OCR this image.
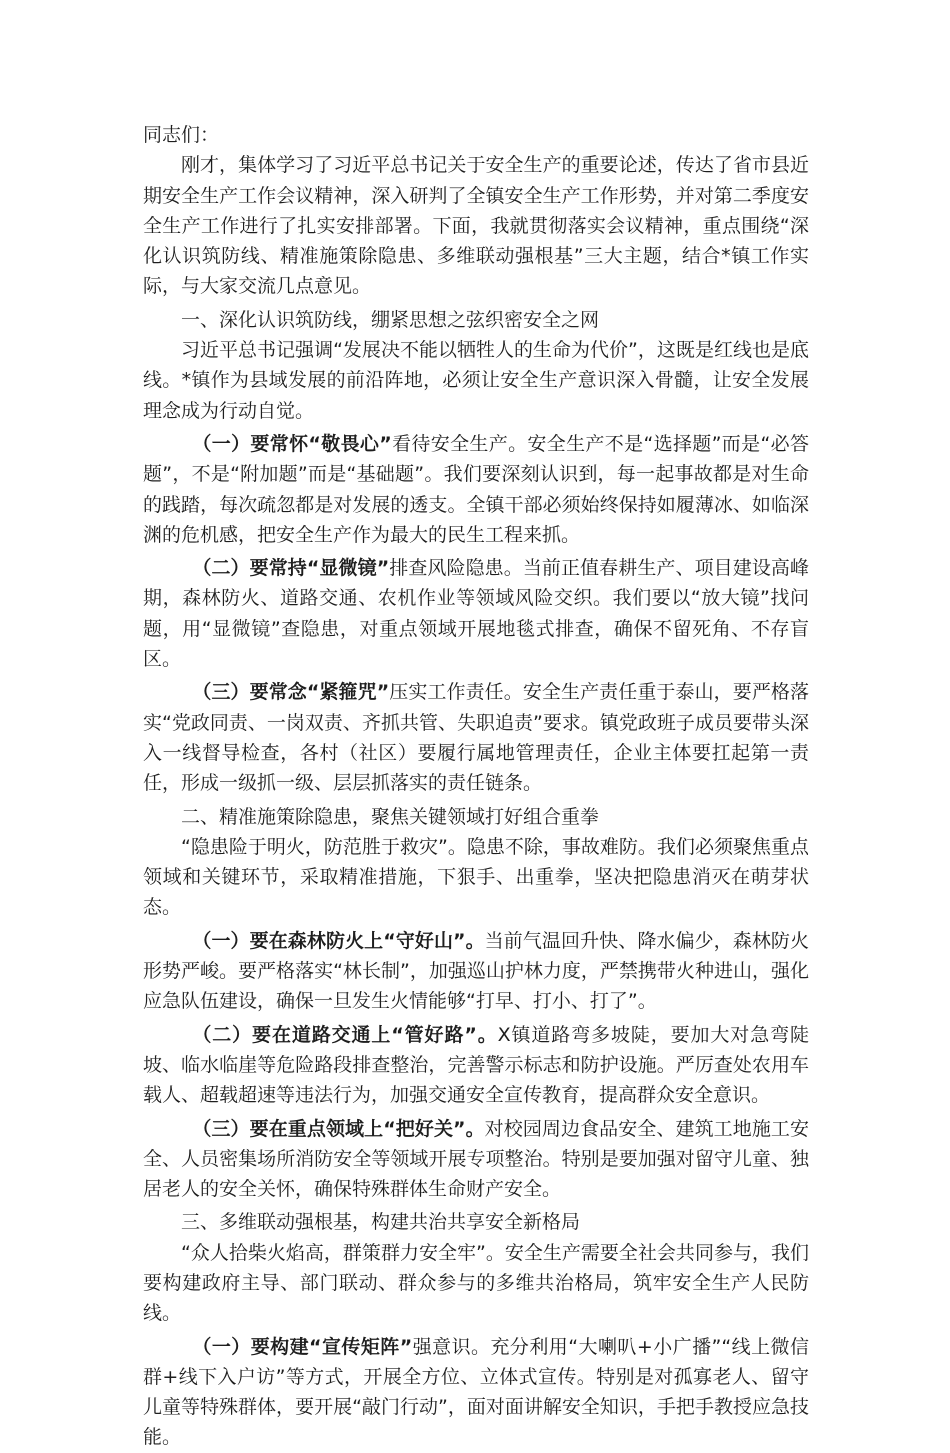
同志们：

刚才，集体学习了习近平总书记关于安全生产的重要论述，传达了省市县近期安全生产工作会议精神，深入研判了全镇安全生产工作形势，并对第二季度安全生产工作进行了扎实安排部署。下面，我就贯彻落实会议精神，重点围绕“深化认识筑防线、精准施策除隐患、多维联动强根基”三大主题，结合*镇工作实际，与大家交流几点意见。

一、深化认识筑防线，绷紧思想之弦织密安全之网

习近平总书记强调“发展决不能以牺牲人的生命为代价”，这既是红线也是底线。*镇作为县域发展的前沿阵地，必须让安全生产意识深入骨髓，让安全发展理念成为行动自觉。

（一）要常怀“敬畏心”看待安全生产。安全生产不是“选择题”而是“必答题”，不是“附加题”而是“基础题”。我们要深刻认识到，每一起事故都是对生命的践踏，每次疏忽都是对发展的透支。全镇干部必须始终保持如履薄冰、如临深渊的危机感，把安全生产作为最大的民生工程来抓。

（二）要常持“显微镜”排查风险隐患。当前正值春耕生产、项目建设高峰期，森林防火、道路交通、农机作业等领域风险交织。我们要以“放大镜”找问题，用“显微镜”查隐患，对重点领域开展地毯式排查，确保不留死角、不存盲区。

（三）要常念“紧箍咒”压实工作责任。安全生产责任重于泰山，要严格落实“党政同责、一岗双责、齐抓共管、失职追责”要求。镇党政班子成员要带头深入一线督导检查，各村（社区）要履行属地管理责任，企业主体要扛起第一责任，形成一级抓一级、层层抓落实的责任链条。

二、精准施策除隐患，聚焦关键领域打好组合重拳

“隐患险于明火，防范胜于救灾”。隐患不除，事故难防。我们必须聚焦重点领域和关键环节，采取精准措施，下狠手、出重拳，坚决把隐患消灭在萌芽状态。

（一）要在森林防火上“守好山”。当前气温回升快、降水偏少，森林防火形势严峻。要严格落实“林长制”，加强巡山护林力度，严禁携带火种进山，强化应急队伍建设，确保一旦发生火情能够“打早、打小、打了”。

（二）要在道路交通上“管好路”。X镇道路弯多坡陡，要加大对急弯陡坡、临水临崖等危险路段排查整治，完善警示标志和防护设施。严厉查处农用车载人、超载超速等违法行为，加强交通安全宣传教育，提高群众安全意识。

（三）要在重点领域上“把好关”。对校园周边食品安全、建筑工地施工安全、人员密集场所消防安全等领域开展专项整治。特别是要加强对留守儿童、独居老人的安全关怀，确保特殊群体生命财产安全。

三、多维联动强根基，构建共治共享安全新格局

“众人拾柴火焰高，群策群力安全牢”。安全生产需要全社会共同参与，我们要构建政府主导、部门联动、群众参与的多维共治格局，筑牢安全生产人民防线。

（一）要构建“宣传矩阵”强意识。充分利用“大喇叭+小广播”“线上微信群+线下入户访”等方式，开展全方位、立体式宣传。特别是对孤寡老人、留守儿童等特殊群体，要开展“敲门行动”，面对面讲解安全知识，手把手教授应急技能。
